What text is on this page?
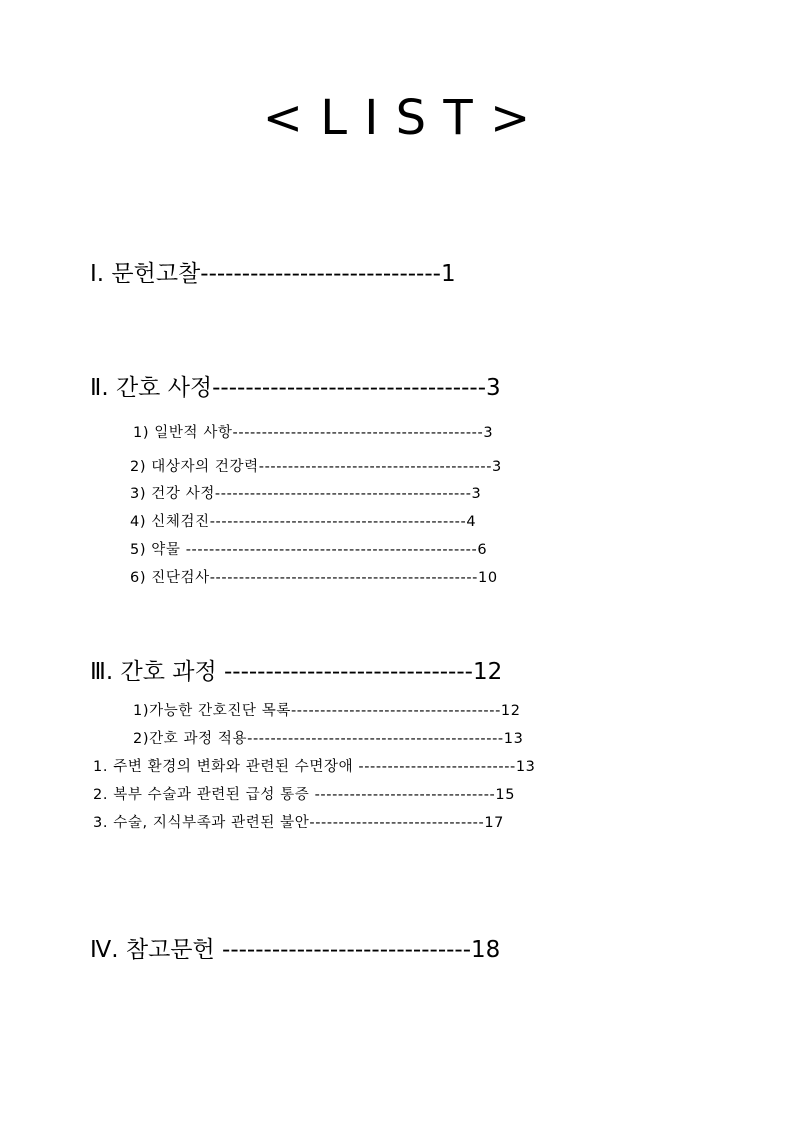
< L I S T >
Ⅰ. 문헌고찰-----------------------------1
Ⅱ. 간호 사정---------------------------------3
1) 일반적 사항-------------------------------------------3
2) 대상자의 건강력----------------------------------------3
3) 건강 사정--------------------------------------------3
4) 신체검진--------------------------------------------4
5) 약물 --------------------------------------------------6
6) 진단검사----------------------------------------------10
Ⅲ. 간호 과정 ------------------------------12
1)가능한 간호진단 목록------------------------------------12
2)간호 과정 적용--------------------------------------------13
1. 주변 환경의 변화와 관련된 수면장애 ---------------------------13
2. 복부 수술과 관련된 급성 통증 -------------------------------15
3. 수술, 지식부족과 관련된 불안------------------------------17
Ⅳ. 참고문헌 ------------------------------18
